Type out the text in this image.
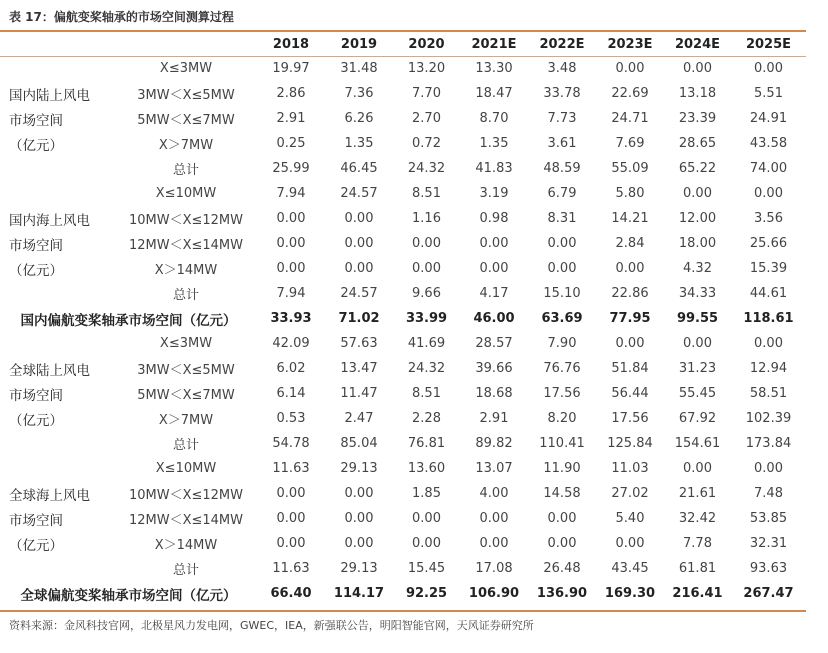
表 17：偏航变桨轴承的市场空间测算过程
		2018	2019	2020	2021E	2022E	2023E	2024E	2025E
	X≤3MW	19.97	31.48	13.20	13.30	3.48	0.00	0.00	0.00
国内陆上风电	3MW＜X≤5MW	2.86	7.36	7.70	18.47	33.78	22.69	13.18	5.51
市场空间	5MW＜X≤7MW	2.91	6.26	2.70	8.70	7.73	24.71	23.39	24.91
（亿元）	X＞7MW	0.25	1.35	0.72	1.35	3.61	7.69	28.65	43.58
	总计	25.99	46.45	24.32	41.83	48.59	55.09	65.22	74.00
	X≤10MW	7.94	24.57	8.51	3.19	6.79	5.80	0.00	0.00
国内海上风电	10MW＜X≤12MW	0.00	0.00	1.16	0.98	8.31	14.21	12.00	3.56
市场空间	12MW＜X≤14MW	0.00	0.00	0.00	0.00	0.00	2.84	18.00	25.66
（亿元）	X＞14MW	0.00	0.00	0.00	0.00	0.00	0.00	4.32	15.39
	总计	7.94	24.57	9.66	4.17	15.10	22.86	34.33	44.61
国内偏航变桨轴承市场空间（亿元）		33.93	71.02	33.99	46.00	63.69	77.95	99.55	118.61
	X≤3MW	42.09	57.63	41.69	28.57	7.90	0.00	0.00	0.00
全球陆上风电	3MW＜X≤5MW	6.02	13.47	24.32	39.66	76.76	51.84	31.23	12.94
市场空间	5MW＜X≤7MW	6.14	11.47	8.51	18.68	17.56	56.44	55.45	58.51
（亿元）	X＞7MW	0.53	2.47	2.28	2.91	8.20	17.56	67.92	102.39
	总计	54.78	85.04	76.81	89.82	110.41	125.84	154.61	173.84
	X≤10MW	11.63	29.13	13.60	13.07	11.90	11.03	0.00	0.00
全球海上风电	10MW＜X≤12MW	0.00	0.00	1.85	4.00	14.58	27.02	21.61	7.48
市场空间	12MW＜X≤14MW	0.00	0.00	0.00	0.00	0.00	5.40	32.42	53.85
（亿元）	X＞14MW	0.00	0.00	0.00	0.00	0.00	0.00	7.78	32.31
	总计	11.63	29.13	15.45	17.08	26.48	43.45	61.81	93.63
全球偏航变桨轴承市场空间（亿元）		66.40	114.17	92.25	106.90	136.90	169.30	216.41	267.47
资料来源：金风科技官网，北极星风力发电网，GWEC，IEA，新强联公告，明阳智能官网，天风证券研究所
